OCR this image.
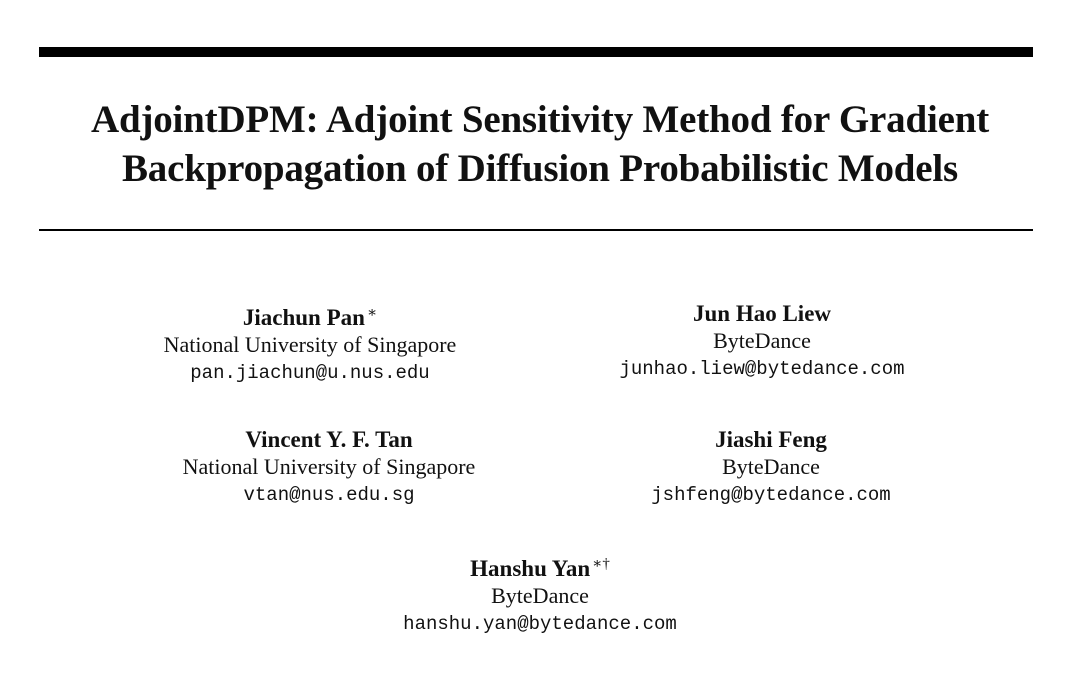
AdjointDPM: Adjoint Sensitivity Method for Gradient
Backpropagation of Diffusion Probabilistic Models
Jiachun Pan ∗
National University of Singapore
pan.jiachun@u.nus.edu
Jun Hao Liew
ByteDance
junhao.liew@bytedance.com
Vincent Y. F. Tan
National University of Singapore
vtan@nus.edu.sg
Jiashi Feng
ByteDance
jshfeng@bytedance.com
Hanshu Yan ∗†
ByteDance
hanshu.yan@bytedance.com
